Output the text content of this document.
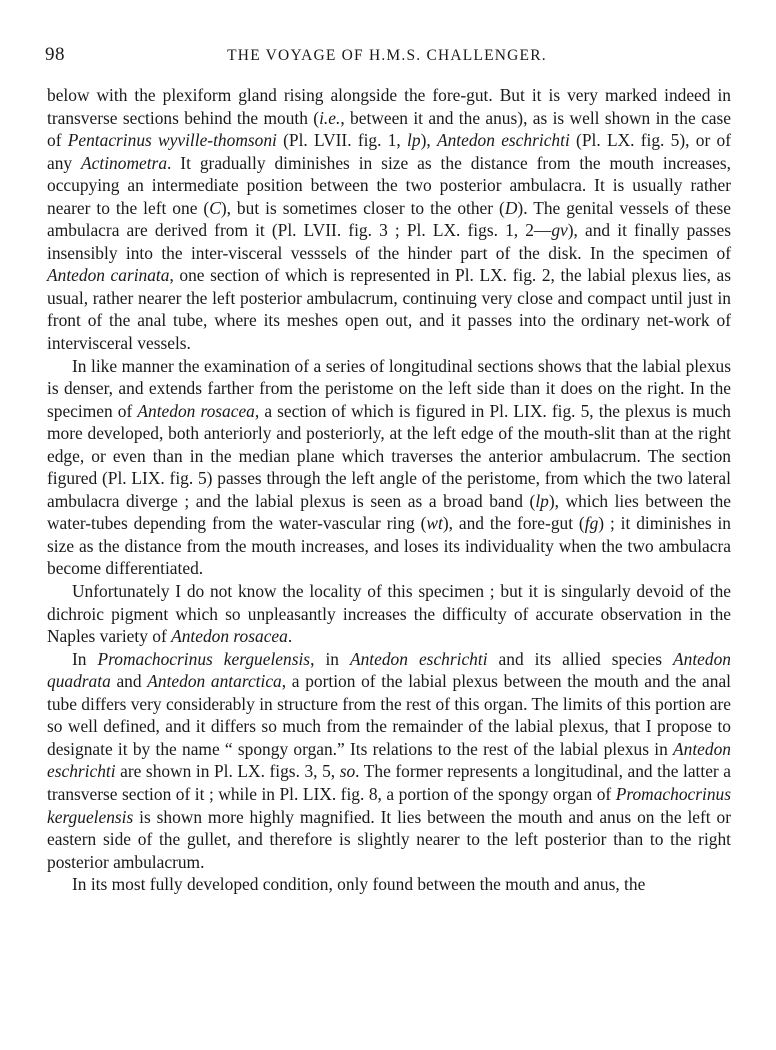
98	THE VOYAGE OF H.M.S. CHALLENGER.

below with the plexiform gland rising alongside the fore-gut. But it is very marked indeed in transverse sections behind the mouth (i.e., between it and the anus), as is well shown in the case of Pentacrinus wyville-thomsoni (Pl. LVII. fig. 1, lp), Antedon eschrichti (Pl. LX. fig. 5), or of any Actinometra. It gradually diminishes in size as the distance from the mouth increases, occupying an intermediate position between the two posterior ambulacra. It is usually rather nearer to the left one (C), but is sometimes closer to the other (D). The genital vessels of these ambulacra are derived from it (Pl. LVII. fig. 3 ; Pl. LX. figs. 1, 2—gv), and it finally passes insensibly into the inter-visceral vesssels of the hinder part of the disk. In the specimen of Antedon carinata, one section of which is represented in Pl. LX. fig. 2, the labial plexus lies, as usual, rather nearer the left posterior ambulacrum, continuing very close and compact until just in front of the anal tube, where its meshes open out, and it passes into the ordinary net-work of intervisceral vessels.

In like manner the examination of a series of longitudinal sections shows that the labial plexus is denser, and extends farther from the peristome on the left side than it does on the right. In the specimen of Antedon rosacea, a section of which is figured in Pl. LIX. fig. 5, the plexus is much more developed, both anteriorly and posteriorly, at the left edge of the mouth-slit than at the right edge, or even than in the median plane which traverses the anterior ambulacrum. The section figured (Pl. LIX. fig. 5) passes through the left angle of the peristome, from which the two lateral ambulacra diverge ; and the labial plexus is seen as a broad band (lp), which lies between the water-tubes depending from the water-vascular ring (wt), and the fore-gut (fg) ; it diminishes in size as the distance from the mouth increases, and loses its individuality when the two ambulacra become differentiated.

Unfortunately I do not know the locality of this specimen ; but it is singularly devoid of the dichroic pigment which so unpleasantly increases the difficulty of accurate observation in the Naples variety of Antedon rosacea.

In Promachocrinus kerguelensis, in Antedon eschrichti and its allied species Antedon quadrata and Antedon antarctica, a portion of the labial plexus between the mouth and the anal tube differs very considerably in structure from the rest of this organ. The limits of this portion are so well defined, and it differs so much from the remainder of the labial plexus, that I propose to designate it by the name “ spongy organ.” Its relations to the rest of the labial plexus in Antedon eschrichti are shown in Pl. LX. figs. 3, 5, so. The former represents a longitudinal, and the latter a transverse section of it ; while in Pl. LIX. fig. 8, a portion of the spongy organ of Promachocrinus kerguelensis is shown more highly magnified. It lies between the mouth and anus on the left or eastern side of the gullet, and therefore is slightly nearer to the left posterior than to the right posterior ambulacrum.

In its most fully developed condition, only found between the mouth and anus, the
